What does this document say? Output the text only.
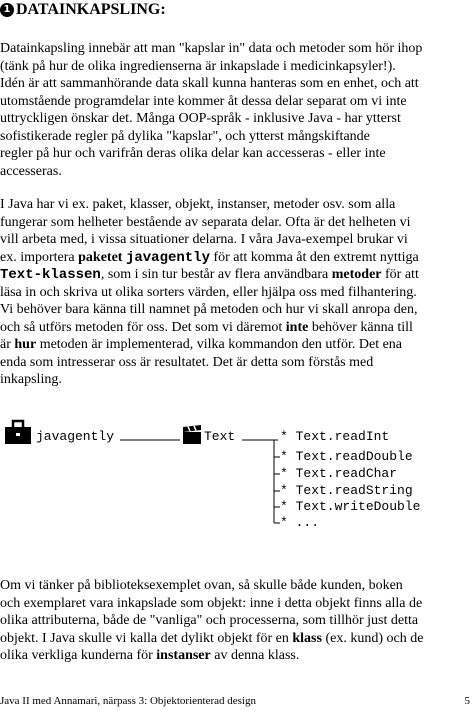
1 DATAINKAPSLING:
Datainkapsling innebär att man "kapslar in" data och metoder som hör ihop
(tänk på hur de olika ingredienserna är inkapslade i medicinkapsyler!).
Idén är att sammanhörande data skall kunna hanteras som en enhet, och att
utomstående programdelar inte kommer åt dessa delar separat om vi inte
uttryckligen önskar det. Många OOP-språk - inklusive Java - har ytterst
sofistikerade regler på dylika "kapslar", och ytterst mångskiftande
regler på hur och varifrån deras olika delar kan accesseras - eller inte
accesseras.
I Java har vi ex. paket, klasser, objekt, instanser, metoder osv. som alla
fungerar som helheter bestående av separata delar. Ofta är det helheten vi
vill arbeta med, i vissa situationer delarna. I våra Java-exempel brukar vi
ex. importera paketet javagently för att komma åt den extremt nyttiga
Text-klassen, som i sin tur består av flera användbara metoder för att
läsa in och skriva ut olika sorters värden, eller hjälpa oss med filhantering.
Vi behöver bara känna till namnet på metoden och hur vi skall anropa den,
och så utförs metoden för oss. Det som vi däremot inte behöver känna till
är hur metoden är implementerad, vilka kommandon den utför. Det ena
enda som intresserar oss är resultatet. Det är detta som förstås med
inkapsling.
javagently	Text	* Text.readInt
* Text.readDouble
* Text.readChar
* Text.readString
* Text.writeDouble
* ...
Om vi tänker på biblioteksexemplet ovan, så skulle både kunden, boken
och exemplaret vara inkapslade som objekt: inne i detta objekt finns alla de
olika attributerna, både de "vanliga" och processerna, som tillhör just detta
objekt. I Java skulle vi kalla det dylikt objekt för en klass (ex. kund) och de
olika verkliga kunderna för instanser av denna klass.
Java II med Annamari, närpass 3: Objektorienterad design	5
